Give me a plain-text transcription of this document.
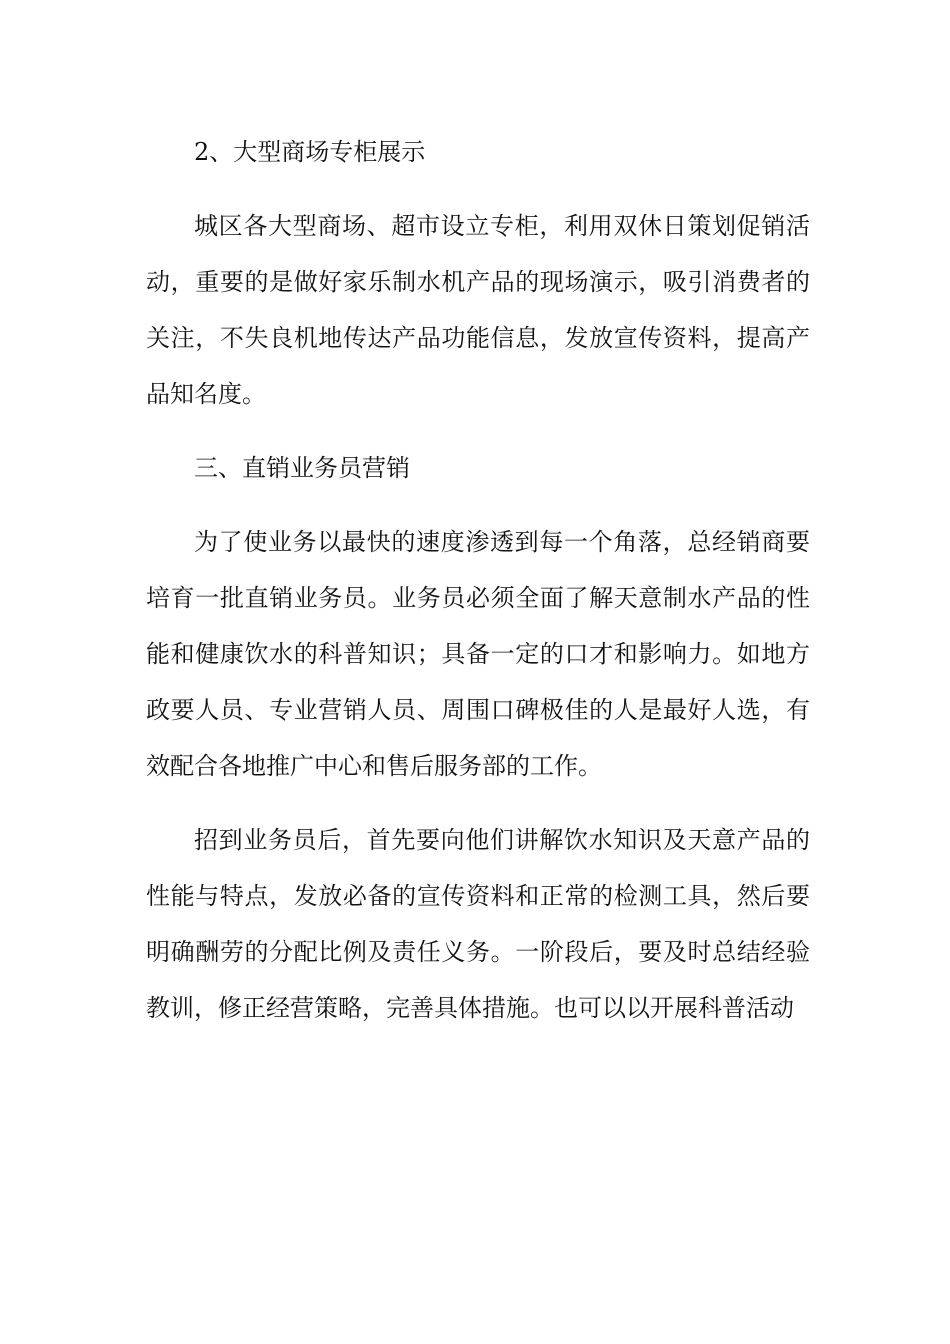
2、大型商场专柜展示

城区各大型商场、超市设立专柜，利用双休日策划促销活动，重要的是做好家乐制水机产品的现场演示，吸引消费者的关注，不失良机地传达产品功能信息，发放宣传资料，提高产品知名度。

三、直销业务员营销

为了使业务以最快的速度渗透到每一个角落，总经销商要培育一批直销业务员。业务员必须全面了解天意制水产品的性能和健康饮水的科普知识；具备一定的口才和影响力。如地方政要人员、专业营销人员、周围口碑极佳的人是最好人选，有效配合各地推广中心和售后服务部的工作。

招到业务员后，首先要向他们讲解饮水知识及天意产品的性能与特点，发放必备的宣传资料和正常的检测工具，然后要明确酬劳的分配比例及责任义务。一阶段后，要及时总结经验教训，修正经营策略，完善具体措施。也可以以开展科普活动
